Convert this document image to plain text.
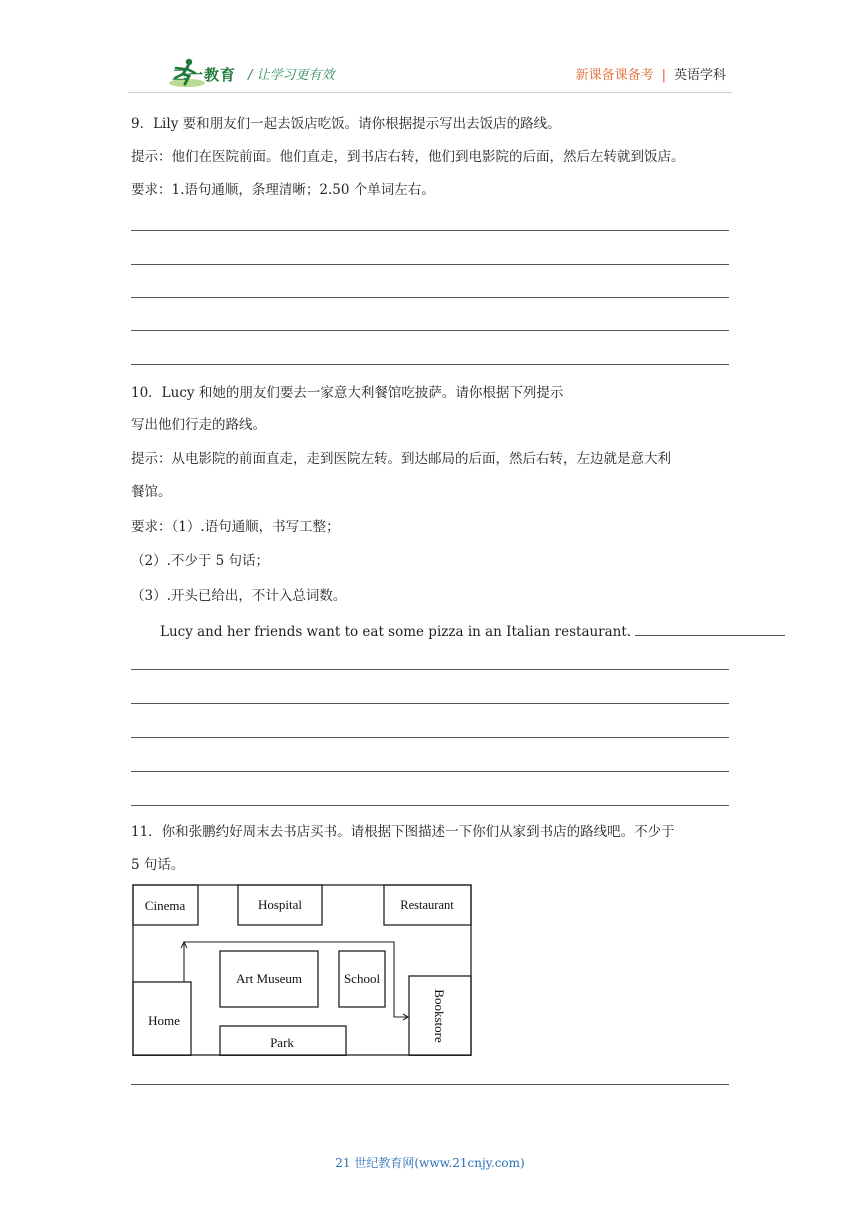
二一教育 / 让学习更有效	新课备课备考 | 英语学科
9．Lily 要和朋友们一起去饭店吃饭。请你根据提示写出去饭店的路线。
提示：他们在医院前面。他们直走，到书店右转，他们到电影院的后面，然后左转就到饭店。
要求：1.语句通顺，条理清晰；2.50 个单词左右。
10．Lucy 和她的朋友们要去一家意大利餐馆吃披萨。请你根据下列提示
写出他们行走的路线。
提示：从电影院的前面直走，走到医院左转。到达邮局的后面，然后右转，左边就是意大利
餐馆。
要求：（1）.语句通顺，书写工整；
（2）.不少于 5 句话；
（3）.开头已给出，不计入总词数。
Lucy and her friends want to eat some pizza in an Italian restaurant.
11．你和张鹏约好周末去书店买书。请根据下图描述一下你们从家到书店的路线吧。不少于
5 句话。
Cinema	Hospital	Restaurant
Art Museum	School
Home
Park	Bookstore
21 世纪教育网(www.21cnjy.com)
